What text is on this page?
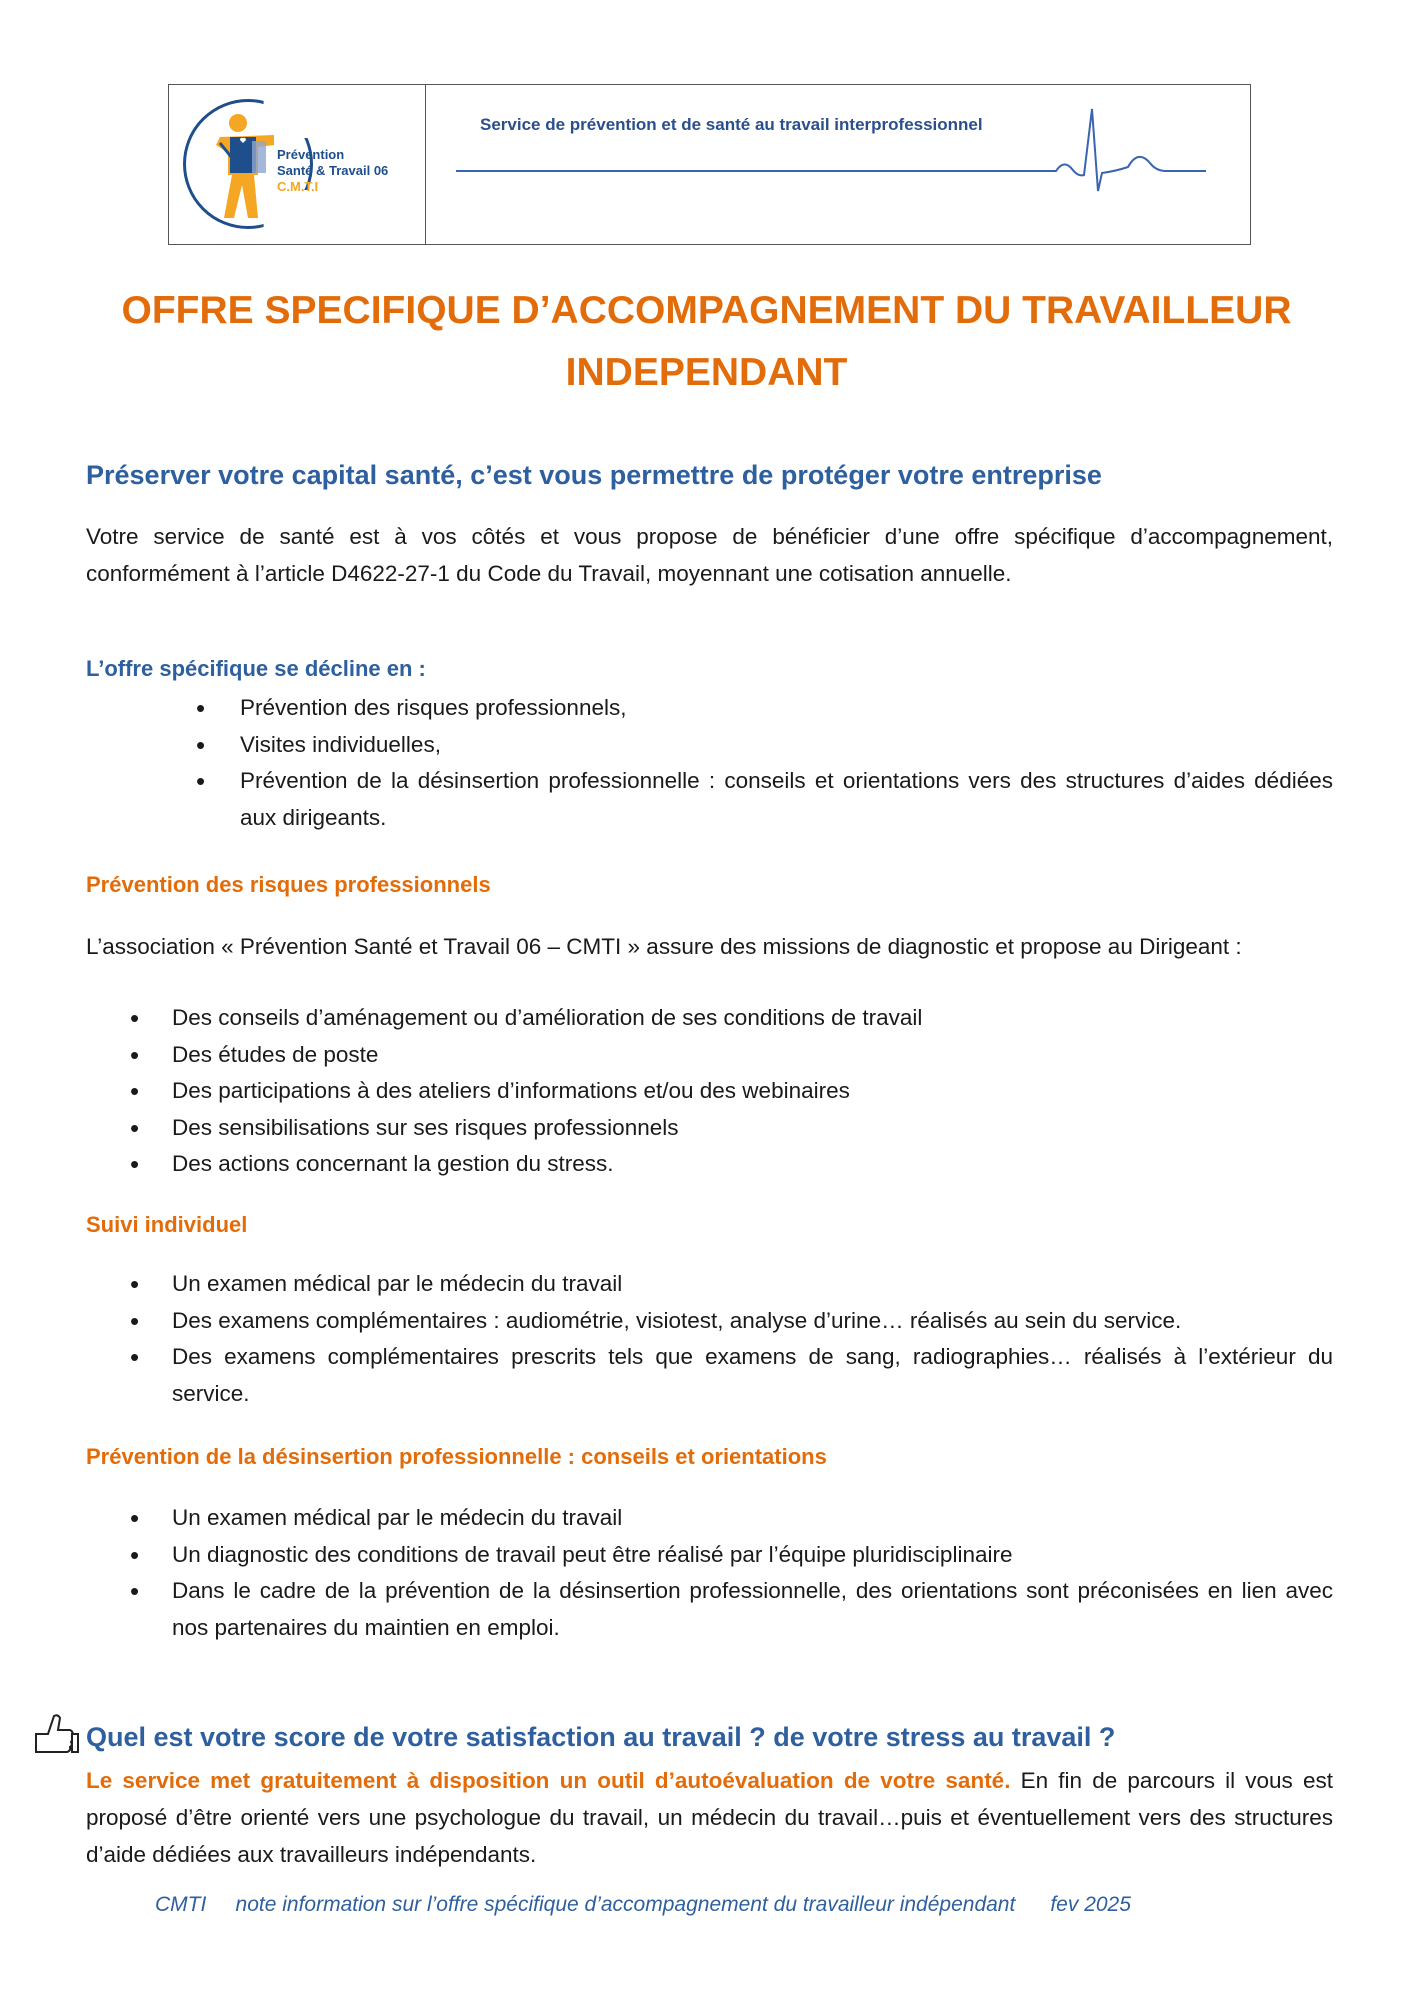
Prévention
Santé & Travail 06
C.M.T.I
Service de prévention et de santé au travail interprofessionnel
OFFRE SPECIFIQUE D’ACCOMPAGNEMENT DU TRAVAILLEUR
INDEPENDANT
Préserver votre capital santé, c’est vous permettre de protéger votre entreprise

Votre service de santé est à vos côtés et vous propose de bénéficier d’une offre spécifique d’accompagnement, conformément à l’article D4622-27-1 du Code du Travail, moyennant une cotisation annuelle.

L’offre spécifique se décline en :
• Prévention des risques professionnels,
• Visites individuelles,
• Prévention de la désinsertion professionnelle : conseils et orientations vers des structures d’aides dédiées aux dirigeants.
Prévention des risques professionnels

L’association « Prévention Santé et Travail 06 – CMTI » assure des missions de diagnostic et propose au Dirigeant :

• Des conseils d’aménagement ou d’amélioration de ses conditions de travail
• Des études de poste
• Des participations à des ateliers d’informations et/ou des webinaires
• Des sensibilisations sur ses risques professionnels
• Des actions concernant la gestion du stress.
Suivi individuel
• Un examen médical par le médecin du travail
• Des examens complémentaires : audiométrie, visiotest, analyse d’urine… réalisés au sein du service.
• Des examens complémentaires prescrits tels que examens de sang, radiographies… réalisés à l’extérieur du service.
Prévention de la désinsertion professionnelle : conseils et orientations
• Un examen médical par le médecin du travail
• Un diagnostic des conditions de travail peut être réalisé par l’équipe pluridisciplinaire
• Dans le cadre de la prévention de la désinsertion professionnelle, des orientations sont préconisées en lien avec nos partenaires du maintien en emploi.
Quel est votre score de votre satisfaction au travail ? de votre stress au travail ?

Le service met gratuitement à disposition un outil d’autoévaluation de votre santé. En fin de parcours il vous est proposé d’être orienté vers une psychologue du travail, un médecin du travail…puis et éventuellement vers des structures d’aide dédiées aux travailleurs indépendants.

CMTI note information sur l’offre spécifique d’accompagnement du travailleur indépendant fev 2025
